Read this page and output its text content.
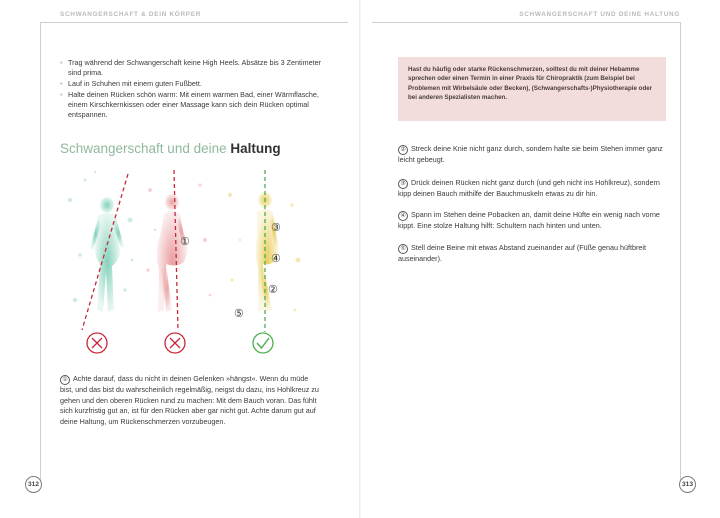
SCHWANGERSCHAFT & DEIN KÖRPER	SCHWANGERSCHAFT UND DEINE HALTUNG
• Trag während der Schwangerschaft keine High Heels. Absätze bis 3 Zentimeter sind prima.
• Lauf in Schuhen mit einem guten Fußbett.
• Halte deinen Rücken schön warm: Mit einem warmen Bad, einer Wärmflasche, einem Kirschkernkissen oder einer Massage kann sich dein Rücken optimal entspannen.
Schwangerschaft und deine Haltung
①
③
④
②
⑤
① Achte darauf, dass du nicht in deinen Gelenken »hängst«. Wenn du müde bist, und das bist du wahrscheinlich regelmäßig, neigst du dazu, ins Hohlkreuz zu gehen und den oberen Rücken rund zu machen: Mit dem Bauch voran. Das fühlt sich kurzfristig gut an, ist für den Rücken aber gar nicht gut. Achte darum gut auf deine Haltung, um Rückenschmerzen vorzubeugen.

Hast du häufig oder starke Rückenschmerzen, solltest du mit deiner Hebamme sprechen oder einen Termin in einer Praxis für Chiropraktik (zum Beispiel bei Problemen mit Wirbelsäule oder Becken), (Schwangerschafts-)Physiotherapie oder bei anderen Spezialisten machen.

② Streck deine Knie nicht ganz durch, sondern halte sie beim Stehen immer ganz leicht gebeugt.
③ Drück deinen Rücken nicht ganz durch (und geh nicht ins Hohlkreuz), sondern kipp deinen Bauch mithilfe der Bauchmuskeln etwas zu dir hin.
④ Spann im Stehen deine Pobacken an, damit deine Hüfte ein wenig nach vorne kippt. Eine stolze Haltung hilft: Schultern nach hinten und unten.
⑤ Stell deine Beine mit etwas Abstand zueinander auf (Füße genau hüftbreit auseinander).
312	313
